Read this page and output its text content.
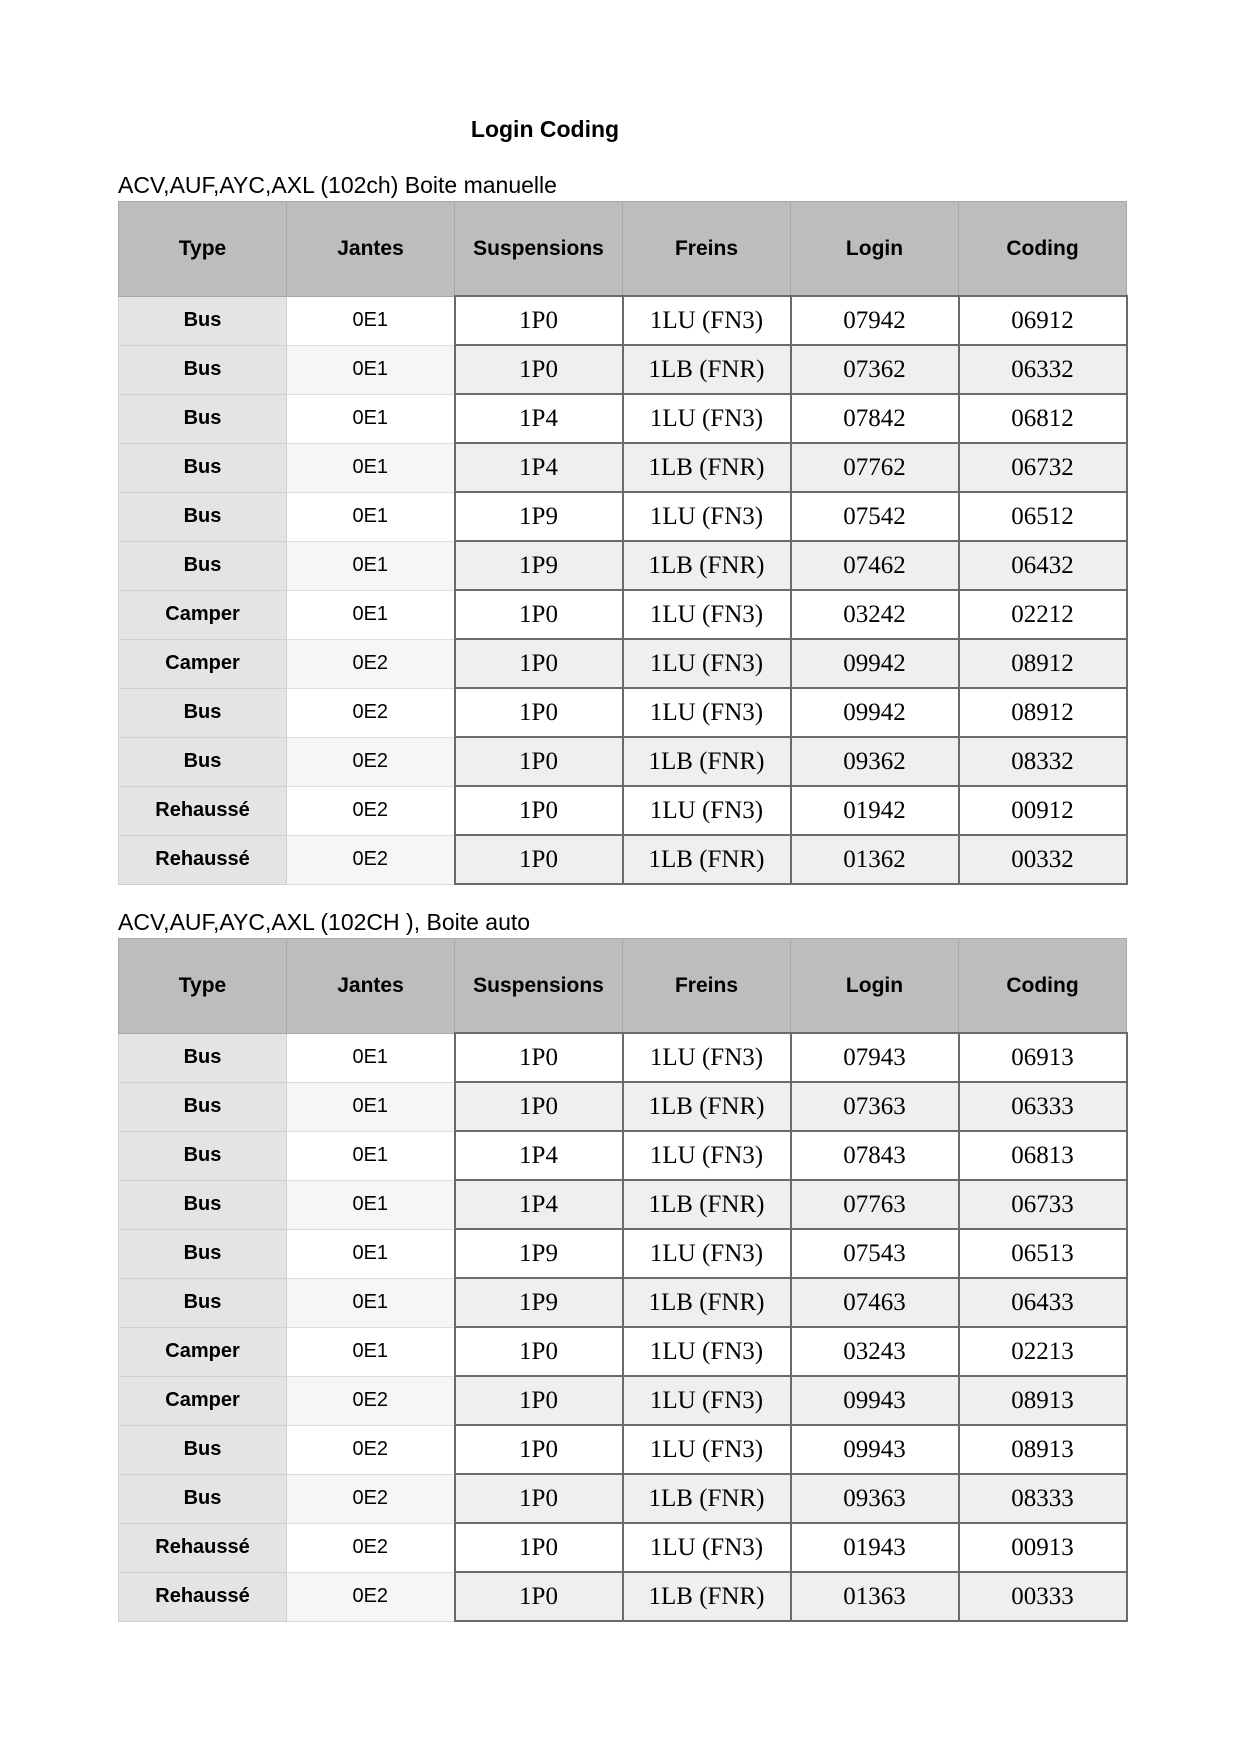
Login Coding
ACV,AUF,AYC,AXL (102ch) Boite manuelle
Type	Jantes	Suspensions	Freins	Login	Coding
Bus	0E1	1P0	1LU (FN3)	07942	06912
Bus	0E1	1P0	1LB (FNR)	07362	06332
Bus	0E1	1P4	1LU (FN3)	07842	06812
Bus	0E1	1P4	1LB (FNR)	07762	06732
Bus	0E1	1P9	1LU (FN3)	07542	06512
Bus	0E1	1P9	1LB (FNR)	07462	06432
Camper	0E1	1P0	1LU (FN3)	03242	02212
Camper	0E2	1P0	1LU (FN3)	09942	08912
Bus	0E2	1P0	1LU (FN3)	09942	08912
Bus	0E2	1P0	1LB (FNR)	09362	08332
Rehaussé	0E2	1P0	1LU (FN3)	01942	00912
Rehaussé	0E2	1P0	1LB (FNR)	01362	00332
ACV,AUF,AYC,AXL (102CH ), Boite auto
Type	Jantes	Suspensions	Freins	Login	Coding
Bus	0E1	1P0	1LU (FN3)	07943	06913
Bus	0E1	1P0	1LB (FNR)	07363	06333
Bus	0E1	1P4	1LU (FN3)	07843	06813
Bus	0E1	1P4	1LB (FNR)	07763	06733
Bus	0E1	1P9	1LU (FN3)	07543	06513
Bus	0E1	1P9	1LB (FNR)	07463	06433
Camper	0E1	1P0	1LU (FN3)	03243	02213
Camper	0E2	1P0	1LU (FN3)	09943	08913
Bus	0E2	1P0	1LU (FN3)	09943	08913
Bus	0E2	1P0	1LB (FNR)	09363	08333
Rehaussé	0E2	1P0	1LU (FN3)	01943	00913
Rehaussé	0E2	1P0	1LB (FNR)	01363	00333
